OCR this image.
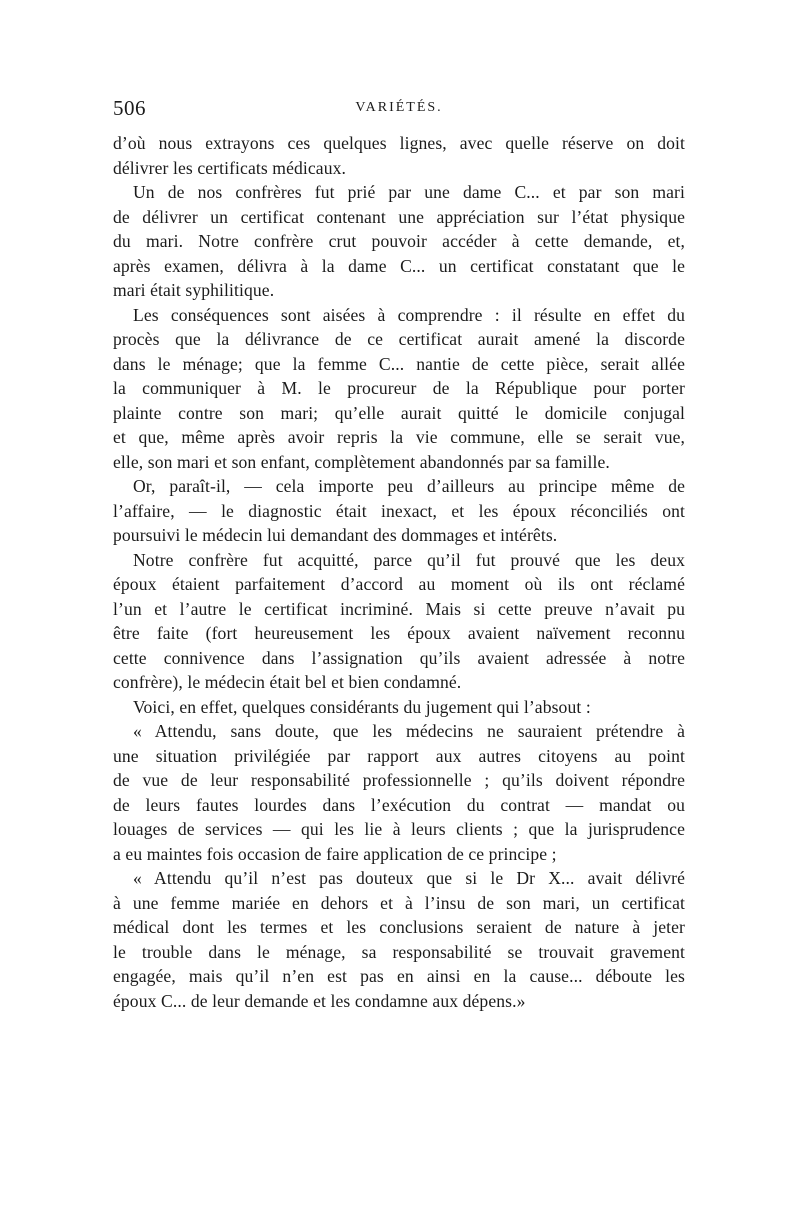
506	VARIÉTÉS.

d’où nous extrayons ces quelques lignes, avec quelle réserve on doit

délivrer les certificats médicaux.

Un de nos confrères fut prié par une dame C... et par son mari

de délivrer un certificat contenant une appréciation sur l’état physique

du mari. Notre confrère crut pouvoir accéder à cette demande, et,

après examen, délivra à la dame C... un certificat constatant que le

mari était syphilitique.

Les conséquences sont aisées à comprendre : il résulte en effet du

procès que la délivrance de ce certificat aurait amené la discorde

dans le ménage; que la femme C... nantie de cette pièce, serait allée

la communiquer à M. le procureur de la République pour porter

plainte contre son mari; qu’elle aurait quitté le domicile conjugal

et que, même après avoir repris la vie commune, elle se serait vue,

elle, son mari et son enfant, complètement abandonnés par sa famille.

Or, paraît-il, — cela importe peu d’ailleurs au principe même de

l’affaire, — le diagnostic était inexact, et les époux réconciliés ont

poursuivi le médecin lui demandant des dommages et intérêts.

Notre confrère fut acquitté, parce qu’il fut prouvé que les deux

époux étaient parfaitement d’accord au moment où ils ont réclamé

l’un et l’autre le certificat incriminé. Mais si cette preuve n’avait pu

être faite (fort heureusement les époux avaient naïvement reconnu

cette connivence dans l’assignation qu’ils avaient adressée à notre

confrère), le médecin était bel et bien condamné.

Voici, en effet, quelques considérants du jugement qui l’absout :

« Attendu, sans doute, que les médecins ne sauraient prétendre à

une situation privilégiée par rapport aux autres citoyens au point

de vue de leur responsabilité professionnelle ; qu’ils doivent répondre

de leurs fautes lourdes dans l’exécution du contrat — mandat ou

louages de services — qui les lie à leurs clients ; que la jurisprudence

a eu maintes fois occasion de faire application de ce principe ;

« Attendu qu’il n’est pas douteux que si le Dr X... avait délivré

à une femme mariée en dehors et à l’insu de son mari, un certificat

médical dont les termes et les conclusions seraient de nature à jeter

le trouble dans le ménage, sa responsabilité se trouvait gravement

engagée, mais qu’il n’en est pas en ainsi en la cause... déboute les

époux C... de leur demande et les condamne aux dépens.»
